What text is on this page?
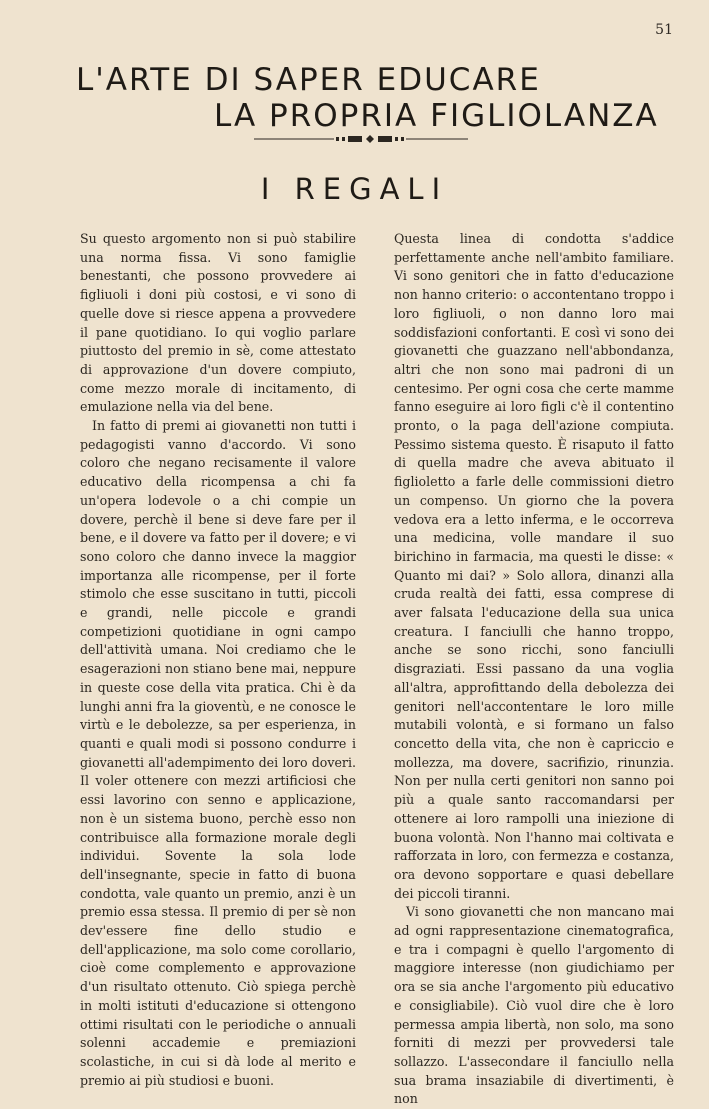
51
L'ARTE DI SAPER EDUCARE
LA PROPRIA FIGLIOLANZA
I REGALI

Su questo argomento non si può stabilire una norma fissa. Vi sono famiglie benestanti, che possono provvedere ai figliuoli i doni più costosi, e vi sono di quelle dove si riesce appena a provvedere il pane quotidiano. Io qui voglio parlare piuttosto del premio in sè, come attestato di approvazione d'un dovere compiuto, come mezzo morale di incitamento, di emulazione nella via del bene.

In fatto di premi ai giovanetti non tutti i pedagogisti vanno d'accordo. Vi sono coloro che negano recisamente il valore educativo della ricompensa a chi fa un'opera lodevole o a chi compie un dovere, perchè il bene si deve fare per il bene, e il dovere va fatto per il dovere; e vi sono coloro che danno invece la maggior importanza alle ricompense, per il forte stimolo che esse suscitano in tutti, piccoli e grandi, nelle piccole e grandi competizioni quotidiane in ogni campo dell'attività umana. Noi crediamo che le esagerazioni non stiano bene mai, neppure in queste cose della vita pratica. Chi è da lunghi anni fra la gioventù, e ne conosce le virtù e le debolezze, sa per esperienza, in quanti e quali modi si possono condurre i giovanetti all'adempimento dei loro doveri. Il voler ottenere con mezzi artificiosi che essi lavorino con senno e applicazione, non è un sistema buono, perchè esso non contribuisce alla formazione morale degli individui. Sovente la sola lode dell'insegnante, specie in fatto di buona condotta, vale quanto un premio, anzi è un premio essa stessa. Il premio di per sè non dev'essere fine dello studio e dell'applicazione, ma solo come corollario, cioè come complemento e approvazione d'un risultato ottenuto. Ciò spiega perchè in molti istituti d'educazione si ottengono ottimi risultati con le periodiche o annuali solenni accademie e premiazioni scolastiche, in cui si dà lode al merito e premio ai più studiosi e buoni.

Questa linea di condotta s'addice perfettamente anche nell'ambito familiare. Vi sono genitori che in fatto d'educazione non hanno criterio: o accontentano troppo i loro figliuoli, o non danno loro mai soddisfazioni confortanti. E così vi sono dei giovanetti che guazzano nell'abbondanza, altri che non sono mai padroni di un centesimo. Per ogni cosa che certe mamme fanno eseguire ai loro figli c'è il contentino pronto, o la paga dell'azione compiuta. Pessimo sistema questo. È risaputo il fatto di quella madre che aveva abituato il figlioletto a farle delle commissioni dietro un compenso. Un giorno che la povera vedova era a letto inferma, e le occorreva una medicina, volle mandare il suo birichino in farmacia, ma questi le disse: « Quanto mi dai? » Solo allora, dinanzi alla cruda realtà dei fatti, essa comprese di aver falsata l'educazione della sua unica creatura. I fanciulli che hanno troppo, anche se sono ricchi, sono fanciulli disgraziati. Essi passano da una voglia all'altra, approfittando della debolezza dei genitori nell'accontentare le loro mille mutabili volontà, e si formano un falso concetto della vita, che non è capriccio e mollezza, ma dovere, sacrifizio, rinunzia. Non per nulla certi genitori non sanno poi più a quale santo raccomandarsi per ottenere ai loro rampolli una iniezione di buona volontà. Non l'hanno mai coltivata e rafforzata in loro, con fermezza e costanza, ora devono sopportare e quasi debellare dei piccoli tiranni.

Vi sono giovanetti che non mancano mai ad ogni rappresentazione cinematografica, e tra i compagni è quello l'argomento di maggiore interesse (non giudichiamo per ora se sia anche l'argomento più educativo e consigliabile). Ciò vuol dire che è loro permessa ampia libertà, non solo, ma sono forniti di mezzi per provvedersi tale sollazzo. L'assecondare il fanciullo nella sua brama insaziabile di divertimenti, è non
